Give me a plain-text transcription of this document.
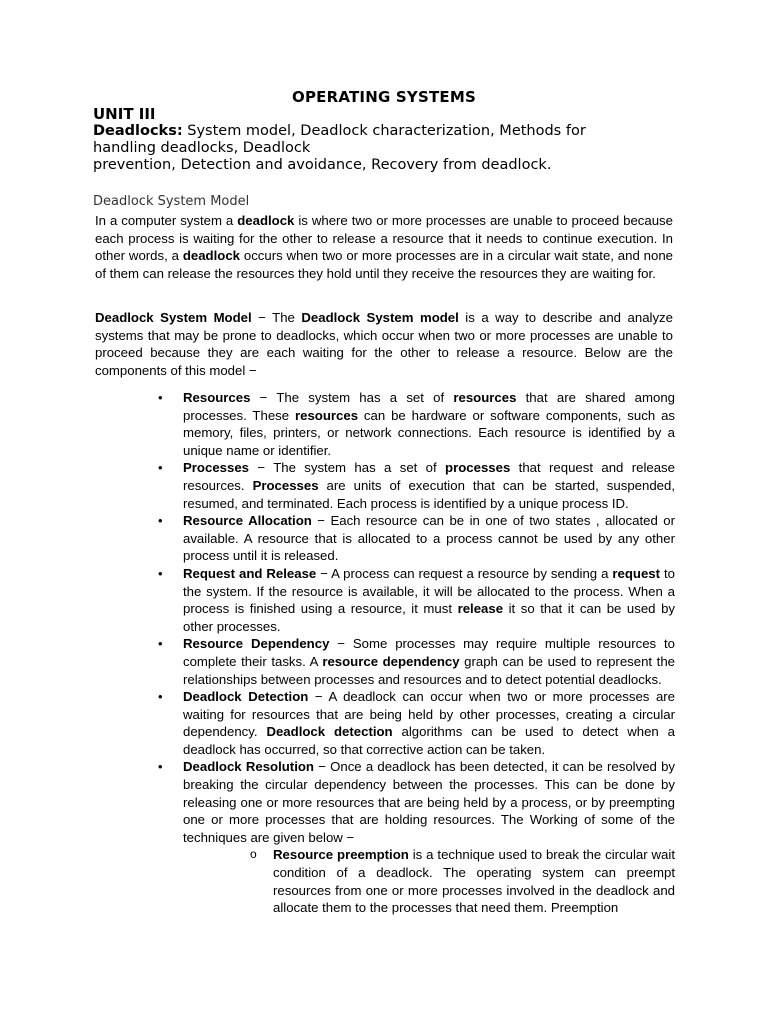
OPERATING SYSTEMS
UNIT III
Deadlocks: System model, Deadlock characterization, Methods for
handling deadlocks, Deadlock
prevention, Detection and avoidance, Recovery from deadlock.
Deadlock System Model
In a computer system a deadlock is where two or more processes are unable to proceed because each process is waiting for the other to release a resource that it needs to continue execution. In other words, a deadlock occurs when two or more processes are in a circular wait state, and none of them can release the resources they hold until they receive the resources they are waiting for.
Deadlock System Model − The Deadlock System model is a way to describe and analyze systems that may be prone to deadlocks, which occur when two or more processes are unable to proceed because they are each waiting for the other to release a resource. Below are the components of this model −
• Resources − The system has a set of resources that are shared among processes. These resources can be hardware or software components, such as memory, files, printers, or network connections. Each resource is identified by a unique name or identifier.
• Processes − The system has a set of processes that request and release resources. Processes are units of execution that can be started, suspended, resumed, and terminated. Each process is identified by a unique process ID.
• Resource Allocation − Each resource can be in one of two states , allocated or available. A resource that is allocated to a process cannot be used by any other process until it is released.
• Request and Release − A process can request a resource by sending a request to the system. If the resource is available, it will be allocated to the process. When a process is finished using a resource, it must release it so that it can be used by other processes.
• Resource Dependency − Some processes may require multiple resources to complete their tasks. A resource dependency graph can be used to represent the relationships between processes and resources and to detect potential deadlocks.
• Deadlock Detection − A deadlock can occur when two or more processes are waiting for resources that are being held by other processes, creating a circular dependency. Deadlock detection algorithms can be used to detect when a deadlock has occurred, so that corrective action can be taken.
• Deadlock Resolution − Once a deadlock has been detected, it can be resolved by breaking the circular dependency between the processes. This can be done by releasing one or more resources that are being held by a process, or by preempting one or more processes that are holding resources. The Working of some of the techniques are given below −
o Resource preemption is a technique used to break the circular wait condition of a deadlock. The operating system can preempt resources from one or more processes involved in the deadlock and allocate them to the processes that need them. Preemption
